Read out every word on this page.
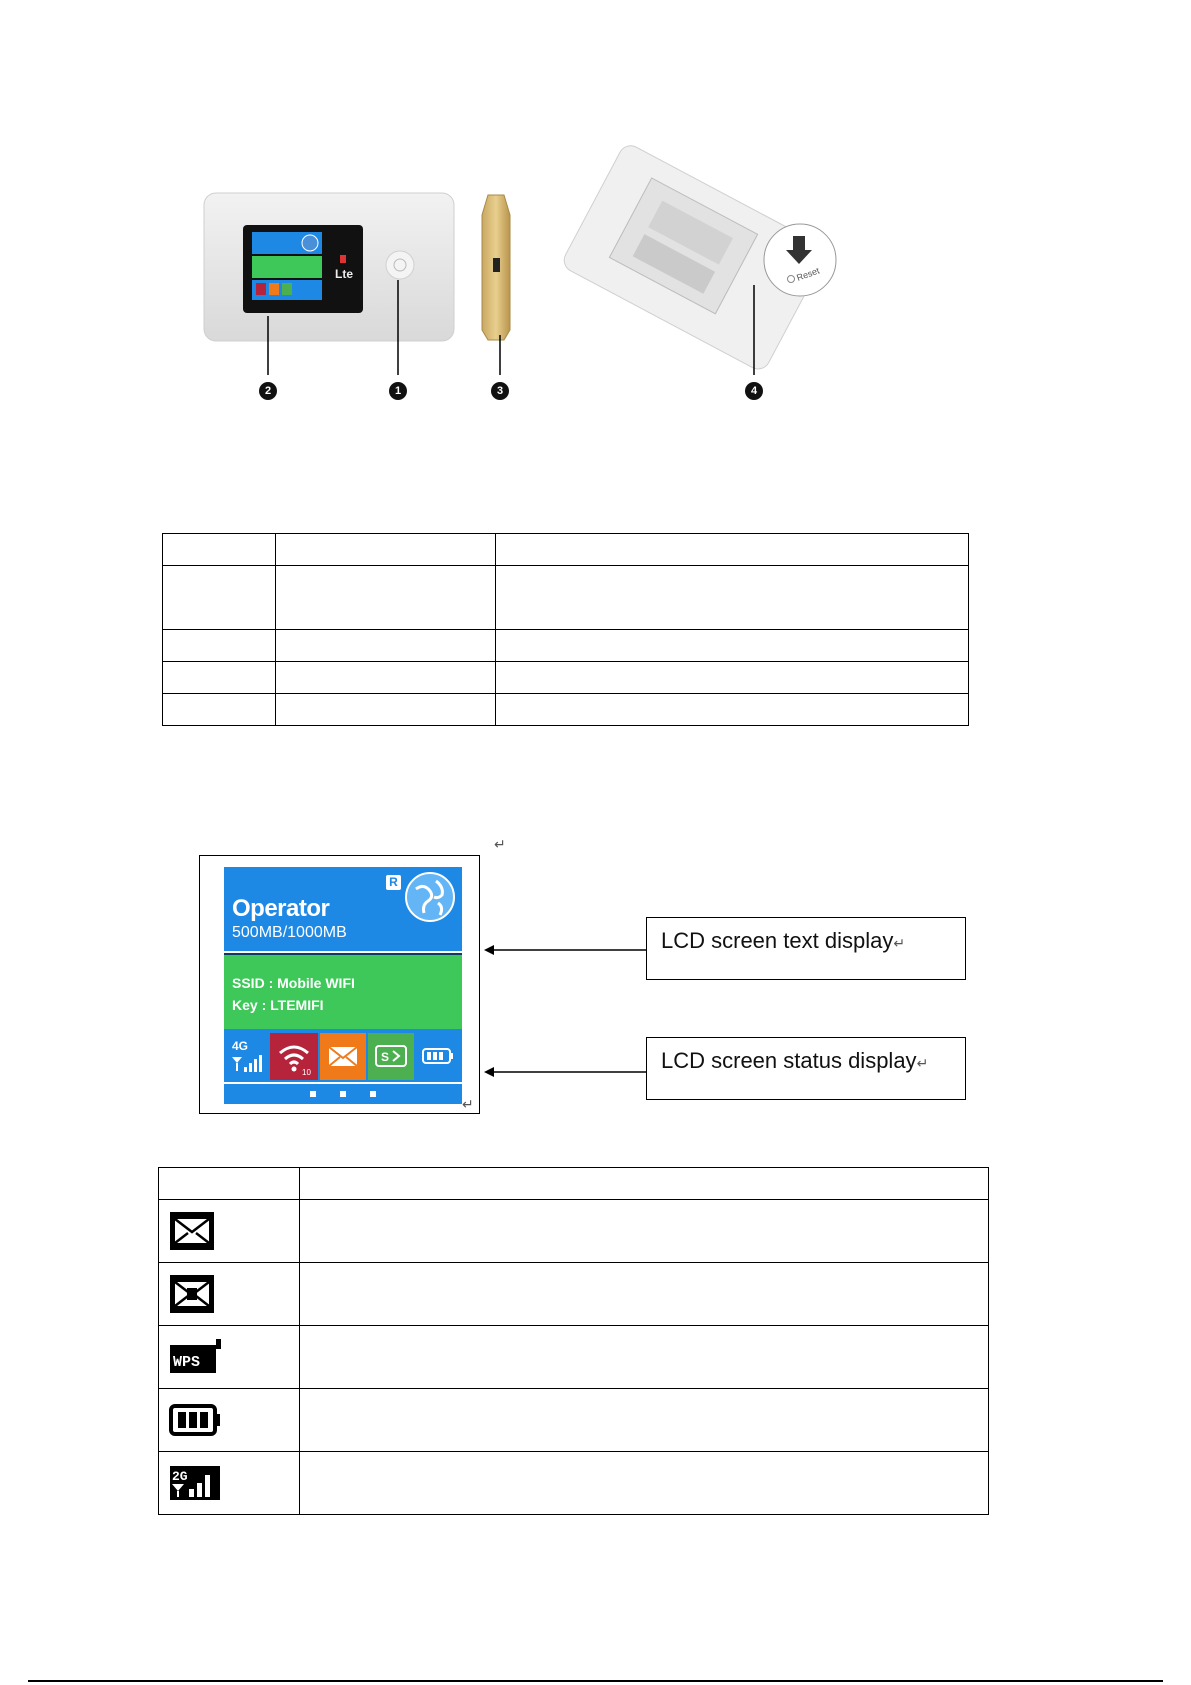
Lte	Reset
2	1	3	4

↵
R
Operator
500MB/1000MB
SSID : Mobile WIFI
Key : LTEMIFI
4G
10
S
↵
LCD screen text display↵
LCD screen status display↵

WPS	

2G	
